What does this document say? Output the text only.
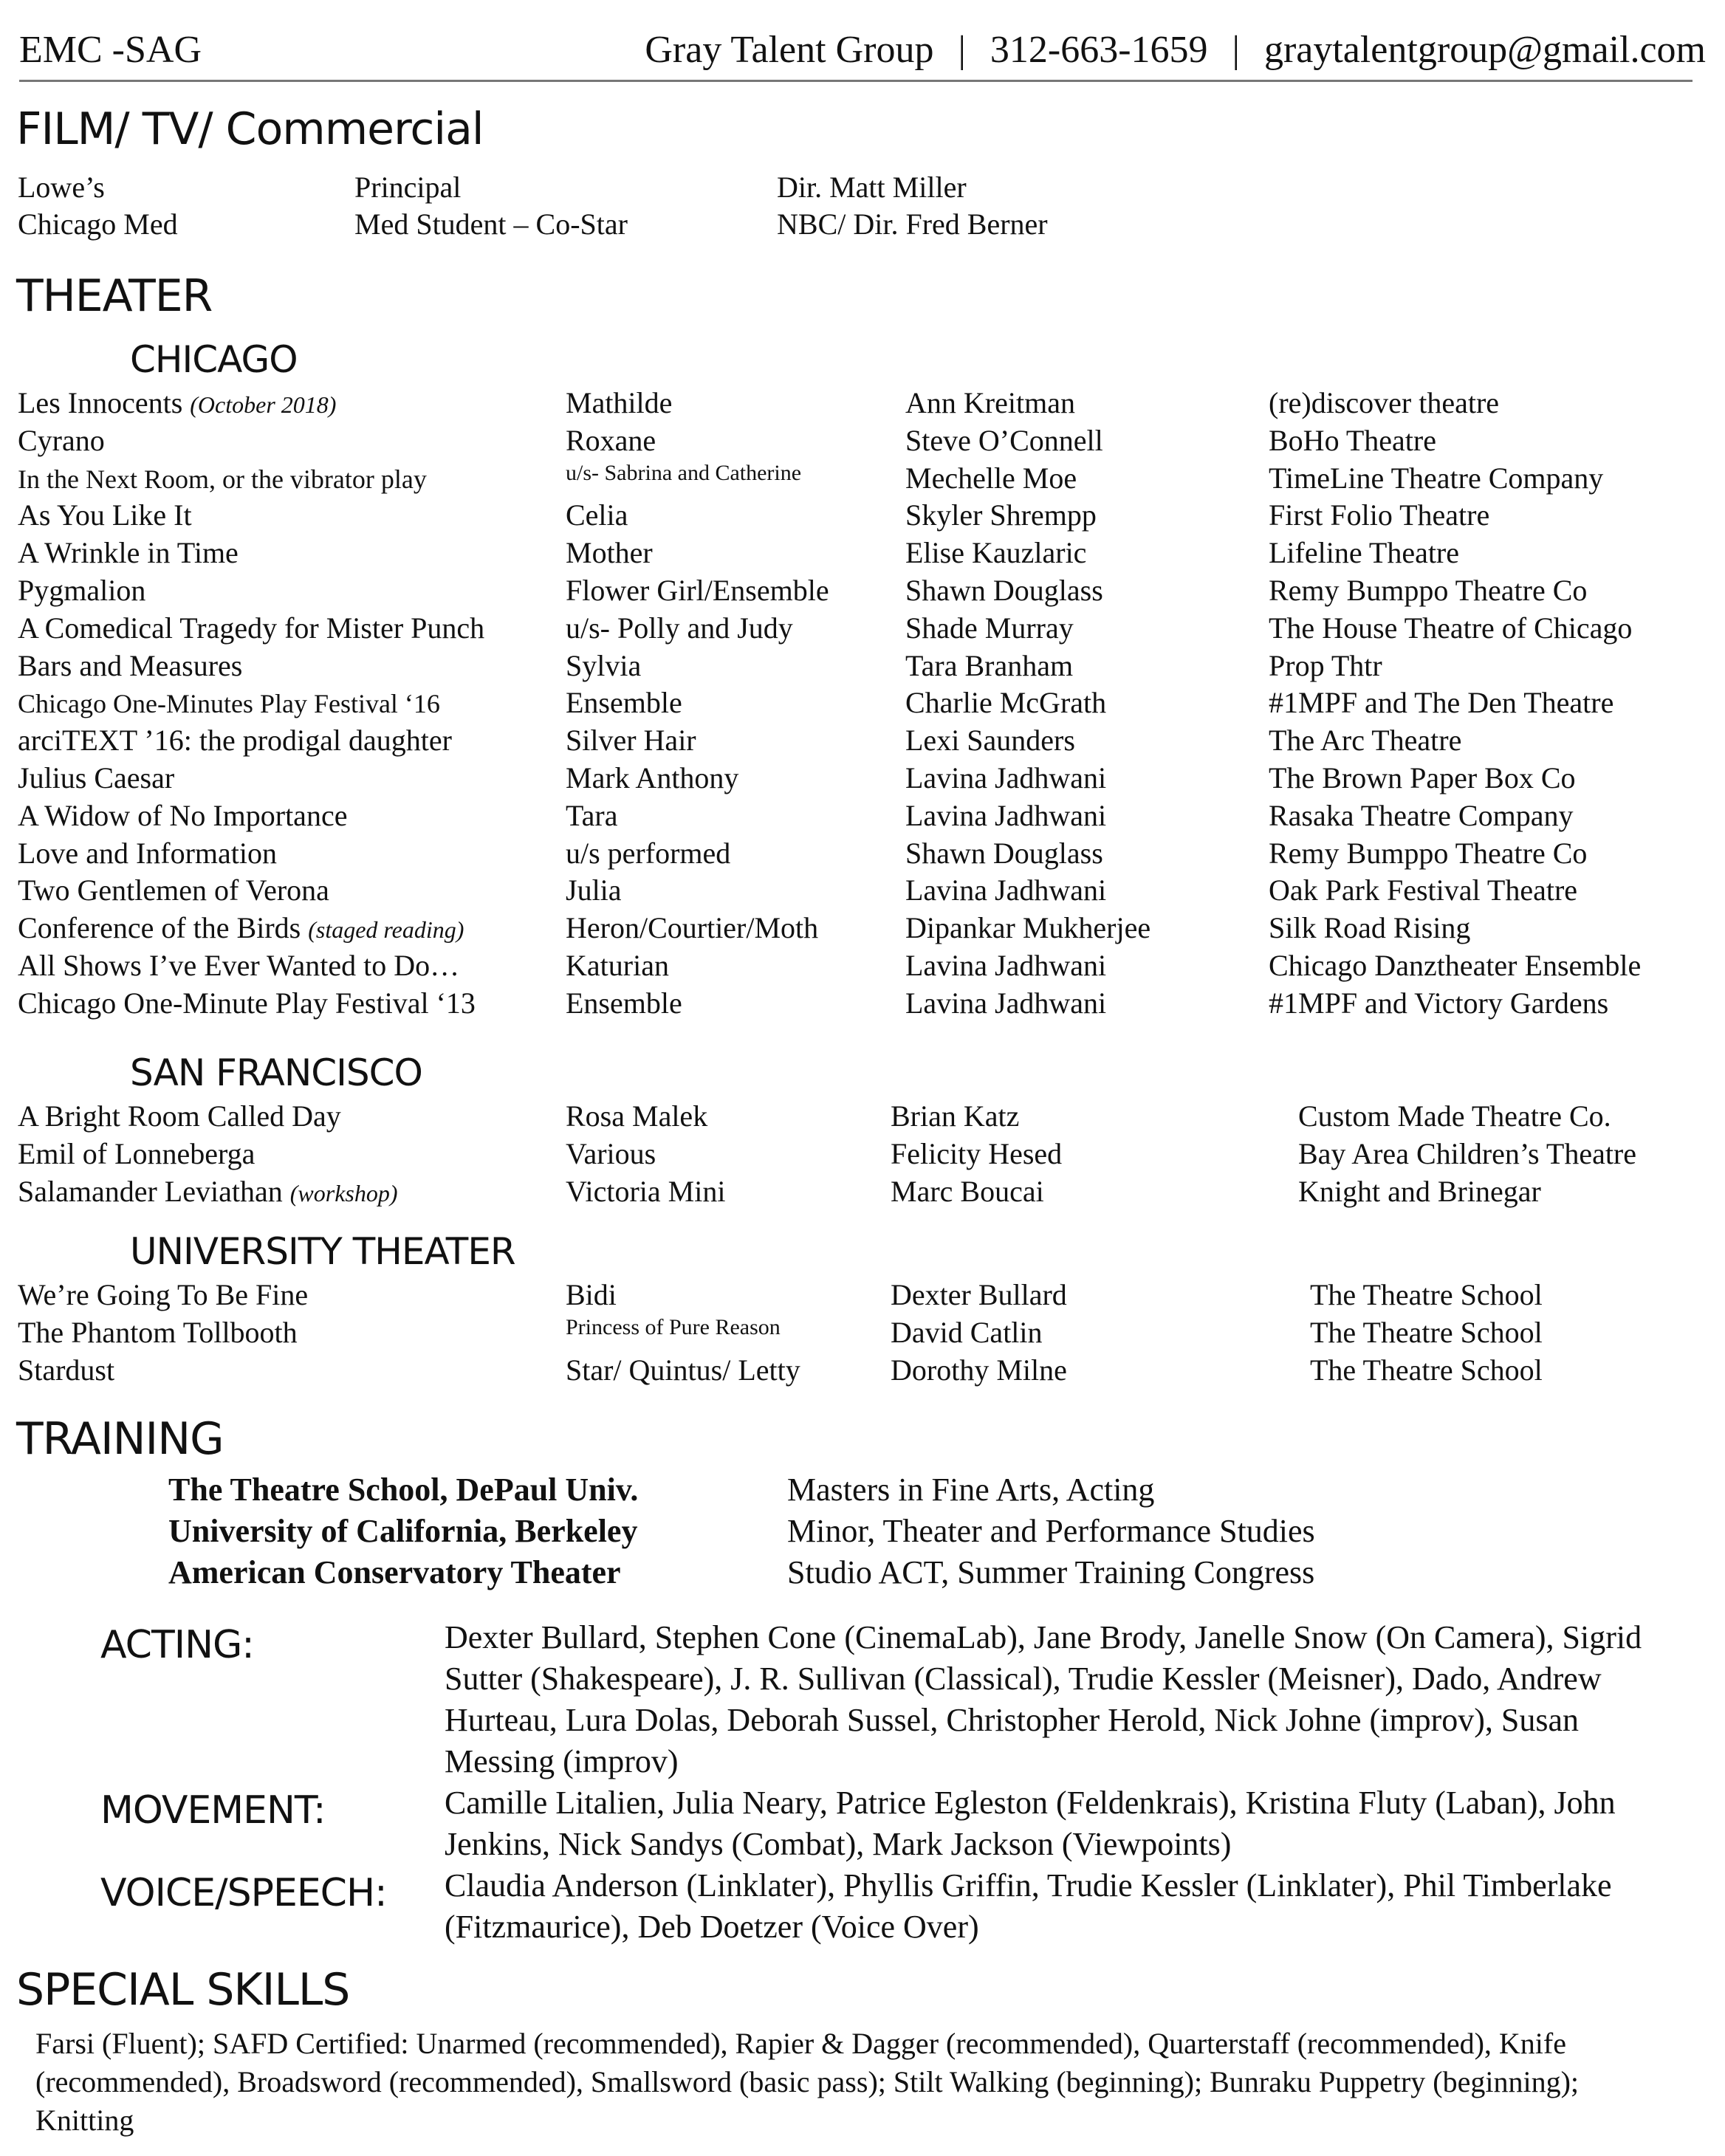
EMC -SAG	Gray Talent Group | 312-663-1659 | graytalentgroup@gmail.com
FILM/ TV/ Commercial
Lowe’s	Principal	Dir. Matt Miller
Chicago Med	Med Student – Co-Star	NBC/ Dir. Fred Berner
THEATER
CHICAGO
Les Innocents (October 2018)	Mathilde	Ann Kreitman	(re)discover theatre
Cyrano	Roxane	Steve O’Connell	BoHo Theatre
In the Next Room, or the vibrator play	u/s- Sabrina and Catherine	Mechelle Moe	TimeLine Theatre Company
As You Like It	Celia	Skyler Shrempp	First Folio Theatre
A Wrinkle in Time	Mother	Elise Kauzlaric	Lifeline Theatre
Pygmalion	Flower Girl/Ensemble	Shawn Douglass	Remy Bumppo Theatre Co
A Comedical Tragedy for Mister Punch	u/s- Polly and Judy	Shade Murray	The House Theatre of Chicago
Bars and Measures	Sylvia	Tara Branham	Prop Thtr
Chicago One-Minutes Play Festival ‘16	Ensemble	Charlie McGrath	#1MPF and The Den Theatre
arciTEXT ’16: the prodigal daughter	Silver Hair	Lexi Saunders	The Arc Theatre
Julius Caesar	Mark Anthony	Lavina Jadhwani	The Brown Paper Box Co
A Widow of No Importance	Tara	Lavina Jadhwani	Rasaka Theatre Company
Love and Information	u/s performed	Shawn Douglass	Remy Bumppo Theatre Co
Two Gentlemen of Verona	Julia	Lavina Jadhwani	Oak Park Festival Theatre
Conference of the Birds (staged reading)	Heron/Courtier/Moth	Dipankar Mukherjee	Silk Road Rising
All Shows I’ve Ever Wanted to Do…	Katurian	Lavina Jadhwani	Chicago Danztheater Ensemble
Chicago One-Minute Play Festival ‘13	Ensemble	Lavina Jadhwani	#1MPF and Victory Gardens
SAN FRANCISCO
A Bright Room Called Day	Rosa Malek	Brian Katz	Custom Made Theatre Co.
Emil of Lonneberga	Various	Felicity Hesed	Bay Area Children’s Theatre
Salamander Leviathan (workshop)	Victoria Mini	Marc Boucai	Knight and Brinegar
UNIVERSITY THEATER
We’re Going To Be Fine	Bidi	Dexter Bullard	The Theatre School
The Phantom Tollbooth	Princess of Pure Reason	David Catlin	The Theatre School
Stardust	Star/ Quintus/ Letty	Dorothy Milne	The Theatre School
TRAINING
The Theatre School, DePaul Univ.	Masters in Fine Arts, Acting
University of California, Berkeley	Minor, Theater and Performance Studies
American Conservatory Theater	Studio ACT, Summer Training Congress
ACTING:	Dexter Bullard, Stephen Cone (CinemaLab), Jane Brody, Janelle Snow (On Camera), Sigrid Sutter (Shakespeare), J. R. Sullivan (Classical), Trudie Kessler (Meisner), Dado, Andrew Hurteau, Lura Dolas, Deborah Sussel, Christopher Herold, Nick Johne (improv), Susan Messing (improv)
MOVEMENT:	Camille Litalien, Julia Neary, Patrice Egleston (Feldenkrais), Kristina Fluty (Laban), John Jenkins, Nick Sandys (Combat), Mark Jackson (Viewpoints)
VOICE/SPEECH: Claudia Anderson (Linklater), Phyllis Griffin, Trudie Kessler (Linklater), Phil Timberlake (Fitzmaurice), Deb Doetzer (Voice Over)
SPECIAL SKILLS
Farsi (Fluent); SAFD Certified: Unarmed (recommended), Rapier & Dagger (recommended), Quarterstaff (recommended), Knife (recommended), Broadsword (recommended), Smallsword (basic pass); Stilt Walking (beginning); Bunraku Puppetry (beginning); Knitting
